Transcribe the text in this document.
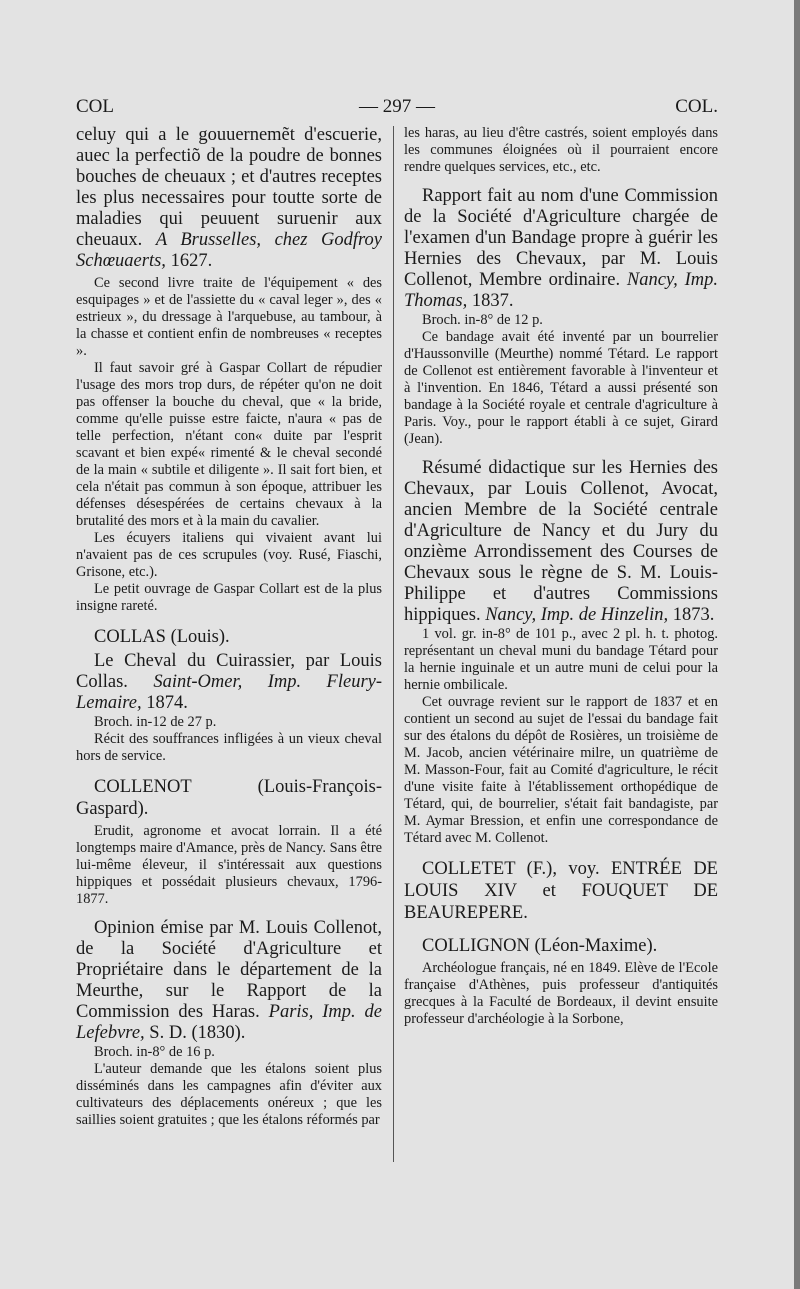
COL	— 297 —	COL.

celuy qui a le gouuernemẽt d'escuerie, auec la perfectiõ de la poudre de bonnes bouches de cheuaux ; et d'autres receptes les plus necessaires pour toutte sorte de maladies qui peuuent suruenir aux cheuaux. A Brusselles, chez Godfroy Schœuaerts, 1627.

Ce second livre traite de l'équipement « des esquipages » et de l'assiette du « caval leger », des « estrieux », du dressage à l'arquebuse, au tambour, à la chasse et contient enfin de nombreuses « receptes ».

Il faut savoir gré à Gaspar Collart de répudier l'usage des mors trop durs, de répéter qu'on ne doit pas offenser la bouche du cheval, que « la bride, comme qu'elle puisse estre faicte, n'aura « pas de telle perfection, n'étant con« duite par l'esprit scavant et bien expé« rimenté & le cheval secondé de la main « subtile et diligente ». Il sait fort bien, et cela n'était pas commun à son époque, attribuer les défenses désespérées de certains chevaux à la brutalité des mors et à la main du cavalier.

Les écuyers italiens qui vivaient avant lui n'avaient pas de ces scrupules (voy. Rusé, Fiaschi, Grisone, etc.).

Le petit ouvrage de Gaspar Collart est de la plus insigne rareté.

COLLAS (Louis).

Le Cheval du Cuirassier, par Louis Collas. Saint-Omer, Imp. Fleury-Lemaire, 1874.

Broch. in-12 de 27 p.

Récit des souffrances infligées à un vieux cheval hors de service.

COLLENOT (Louis-François-Gaspard).

Erudit, agronome et avocat lorrain. Il a été longtemps maire d'Amance, près de Nancy. Sans être lui-même éleveur, il s'intéressait aux questions hippiques et possédait plusieurs chevaux, 1796-1877.

Opinion émise par M. Louis Collenot, de la Société d'Agriculture et Propriétaire dans le département de la Meurthe, sur le Rapport de la Commission des Haras. Paris, Imp. de Lefebvre, S. D. (1830).

Broch. in-8° de 16 p.

L'auteur demande que les étalons soient plus disséminés dans les campagnes afin d'éviter aux cultivateurs des déplacements onéreux ; que les saillies soient gratuites ; que les étalons réformés par

les haras, au lieu d'être castrés, soient employés dans les communes éloignées où il pourraient encore rendre quelques services, etc., etc.

Rapport fait au nom d'une Commission de la Société d'Agriculture chargée de l'examen d'un Bandage propre à guérir les Hernies des Chevaux, par M. Louis Collenot, Membre ordinaire. Nancy, Imp. Thomas, 1837.

Broch. in-8° de 12 p.

Ce bandage avait été inventé par un bourrelier d'Haussonville (Meurthe) nommé Tétard. Le rapport de Collenot est entièrement favorable à l'inventeur et à l'invention. En 1846, Tétard a aussi présenté son bandage à la Société royale et centrale d'agriculture à Paris. Voy., pour le rapport établi à ce sujet, Girard (Jean).

Résumé didactique sur les Hernies des Chevaux, par Louis Collenot, Avocat, ancien Membre de la Société centrale d'Agriculture de Nancy et du Jury du onzième Arrondissement des Courses de Chevaux sous le règne de S. M. Louis-Philippe et d'autres Commissions hippiques. Nancy, Imp. de Hinzelin, 1873.

1 vol. gr. in-8° de 101 p., avec 2 pl. h. t. photog. représentant un cheval muni du bandage Tétard pour la hernie inguinale et un autre muni de celui pour la hernie ombilicale.

Cet ouvrage revient sur le rapport de 1837 et en contient un second au sujet de l'essai du bandage fait sur des étalons du dépôt de Rosières, un troisième de M. Jacob, ancien vétérinaire milre, un quatrième de M. Masson-Four, fait au Comité d'agriculture, le récit d'une visite faite à l'établissement orthopédique de Tétard, qui, de bourrelier, s'était fait bandagiste, par M. Aymar Bression, et enfin une correspondance de Tétard avec M. Collenot.

COLLETET (F.), voy. ENTRÉE DE LOUIS XIV et FOUQUET DE BEAUREPERE.

COLLIGNON (Léon-Maxime).

Archéologue français, né en 1849. Elève de l'Ecole française d'Athènes, puis professeur d'antiquités grecques à la Faculté de Bordeaux, il devint ensuite professeur d'archéologie à la Sorbone,
